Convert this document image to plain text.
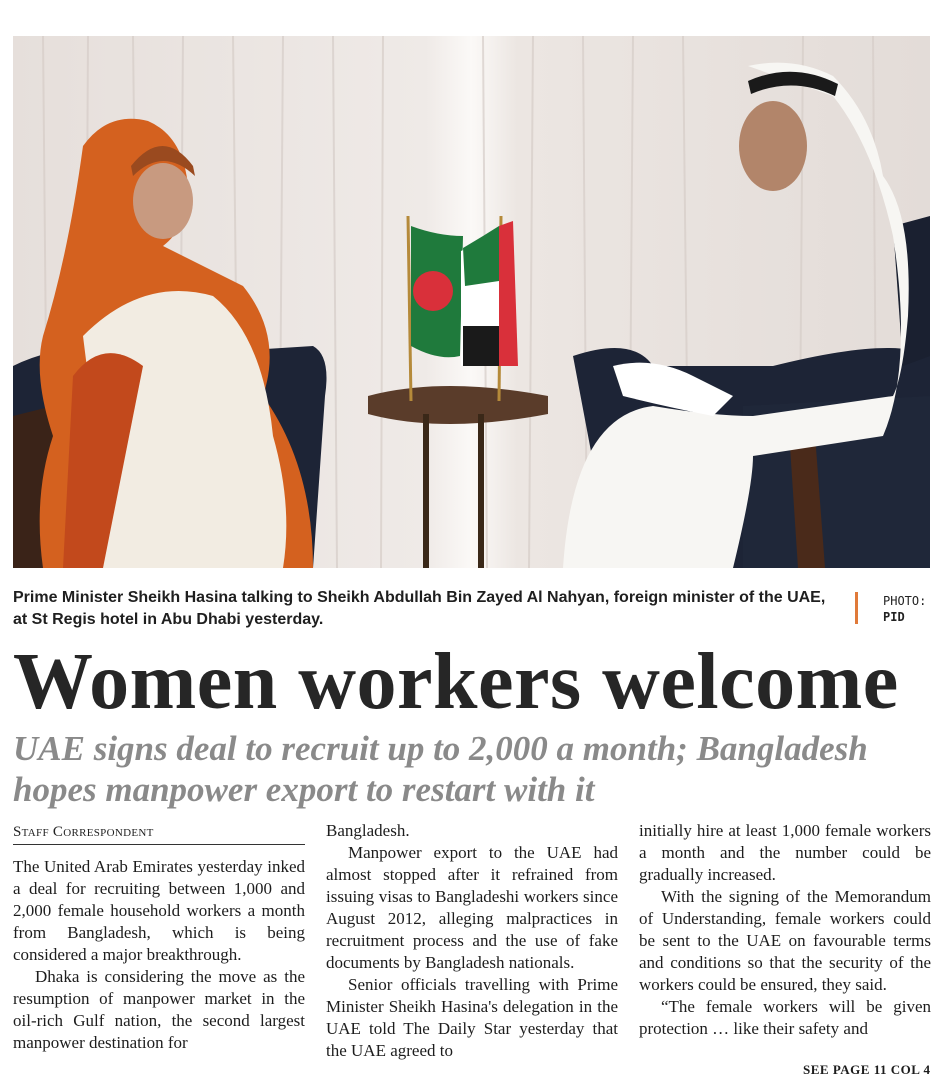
Prime Minister Sheikh Hasina talking to Sheikh Abdullah Bin Zayed Al Nahyan, foreign minister of the UAE, at St Regis hotel in Abu Dhabi yesterday.
PHOTO:
PID
Women workers welcome
UAE signs deal to recruit up to 2,000 a month; Bangladesh hopes manpower export to restart with it
Staff Correspondent

The United Arab Emirates yesterday inked a deal for recruiting between 1,000 and 2,000 female household workers a month from Bangladesh, which is being considered a major breakthrough.

Dhaka is considering the move as the resumption of manpower market in the oil-rich Gulf nation, the second largest manpower destination for

Bangladesh.

Manpower export to the UAE had almost stopped after it refrained from issuing visas to Bangladeshi workers since August 2012, alleging malpractices in recruitment process and the use of fake documents by Bangladesh nationals.

Senior officials travelling with Prime Minister Sheikh Hasina's delegation in the UAE told The Daily Star yesterday that the UAE agreed to

initially hire at least 1,000 female workers a month and the number could be gradually increased.

With the signing of the Memorandum of Understanding, female workers could be sent to the UAE on favourable terms and conditions so that the security of the workers could be ensured, they said.

“The female workers will be given protection … like their safety and

SEE PAGE 11 COL 4
